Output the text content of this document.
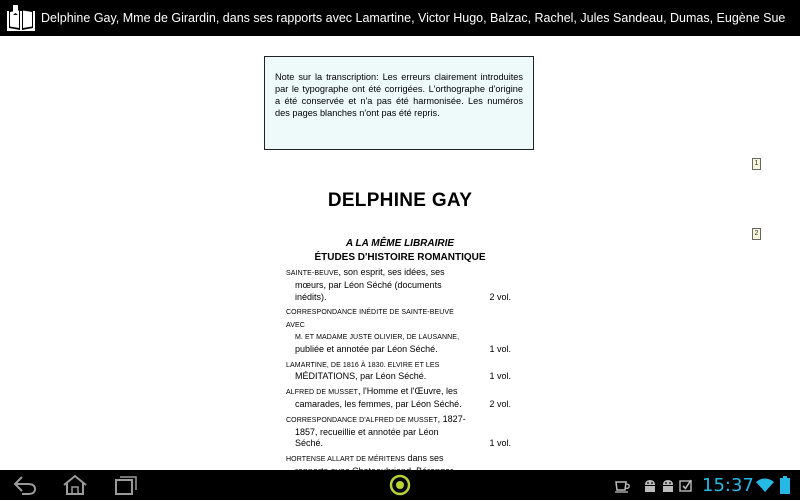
Delphine Gay, Mme de Girardin, dans ses rapports avec Lamartine, Victor Hugo, Balzac, Rachel, Jules Sandeau, Dumas, Eugène Sue
Note sur la transcription: Les erreurs clairement introduites par le typographe ont été corrigées. L'orthographe d'origine a été conservée et n'a pas été harmonisée. Les numéros des pages blanches n'ont pas été repris.
1
2
DELPHINE GAY
A LA MÊME LIBRAIRIE
ÉTUDES D'HISTOIRE ROMANTIQUE
SAINTE-BEUVE, son esprit, ses idées, ses
mœurs, par Léon Séché (documents
inédits).	2 vol.
CORRESPONDANCE INÉDITE DE SAINTE-BEUVE AVEC
M. ET MADAME JUSTE OLIVIER, DE LAUSANNE,
publiée et annotée par Léon Séché.	1 vol.
LAMARTINE, DE 1816 À 1830. ELVIRE ET LES
MÉDITATIONS, par Léon Séché.	1 vol.
ALFRED DE MUSSET, l'Homme et l'Œuvre, les
camarades, les femmes, par Léon Séché.	2 vol.
CORRESPONDANCE D'ALFRED DE MUSSET, 1827-
1857, recueillie et annotée par Léon
Séché.	1 vol.
HORTENSE ALLART DE MÉRITENS dans ses
15:37
